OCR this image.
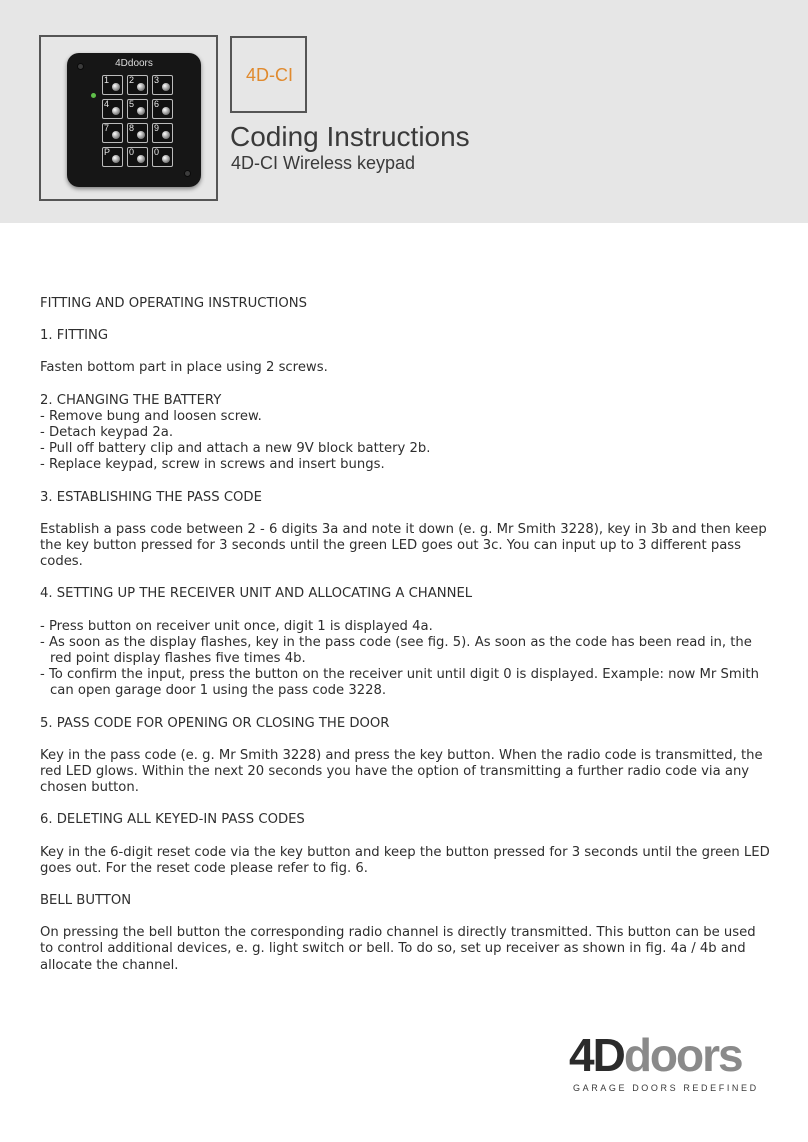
4Ddoors
1 2 3
4 5 6
7 8 9
P 0 0
4D-CI
Coding Instructions
4D-CI Wireless keypad
FITTING AND OPERATING INSTRUCTIONS
1. FITTING

Fasten bottom part in place using 2 screws.

2. CHANGING THE BATTERY
- Remove bung and loosen screw.
- Detach keypad 2a.
- Pull off battery clip and attach a new 9V block battery 2b.
- Replace keypad, screw in screws and insert bungs.
3. ESTABLISHING THE PASS CODE

Establish a pass code between 2 - 6 digits 3a and note it down (e. g. Mr Smith 3228), key in 3b and then keep the key button pressed for 3 seconds until the green LED goes out 3c. You can input up to 3 different pass codes.

4. SETTING UP THE RECEIVER UNIT AND ALLOCATING A CHANNEL
- Press button on receiver unit once, digit 1 is displayed 4a.
- As soon as the display flashes, key in the pass code (see fig. 5). As soon as the code has been read in, the red point display flashes five times 4b.
- To confirm the input, press the button on the receiver unit until digit 0 is displayed. Example: now Mr Smith can open garage door 1 using the pass code 3228.
5. PASS CODE FOR OPENING OR CLOSING THE DOOR

Key in the pass code (e. g. Mr Smith 3228) and press the key button. When the radio code is transmitted, the red LED glows. Within the next 20 seconds you have the option of transmitting a further radio code via any chosen button.

6. DELETING ALL KEYED-IN PASS CODES

Key in the 6-digit reset code via the key button and keep the button pressed for 3 seconds until the green LED goes out. For the reset code please refer to fig. 6.

BELL BUTTON

On pressing the bell button the corresponding radio channel is directly transmitted. This button can be used to control additional devices, e. g. light switch or bell. To do so, set up receiver as shown in fig. 4a / 4b and allocate the channel.

4Ddoors
GARAGE DOORS REDEFINED
